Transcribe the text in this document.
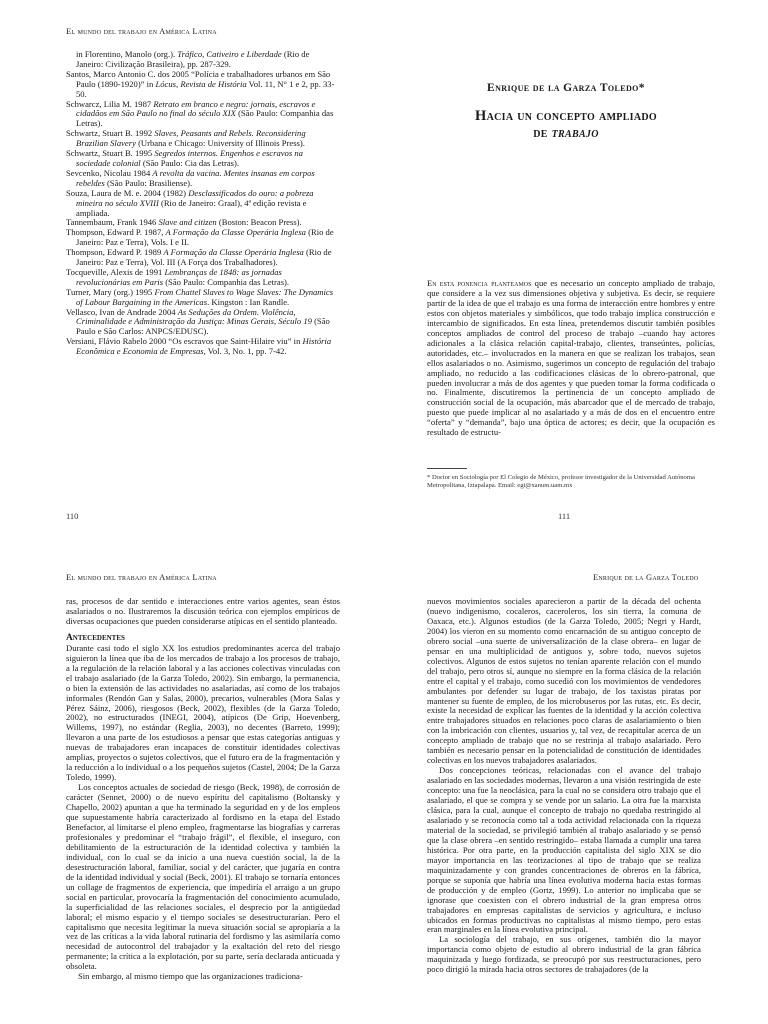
El mundo del trabajo en América Latina

in Florentino, Manolo (org.). Tráfico, Cativeiro e Liberdade (Rio de Janeiro: Civilização Brasileira), pp. 287-329.

Santos, Marco Antonio C. dos 2005 “Polícia e trabalhadores urbanos em São Paulo (1890-1920)” in Lócus, Revista de História Vol. 11, N° 1 e 2, pp. 33-50.

Schwarcz, Lilia M. 1987 Retrato em branco e negro: jornais, escravos e cidadãos em São Paulo no final do século XIX (São Paulo: Companhia das Letras).

Schwartz, Stuart B. 1992 Slaves, Peasants and Rebels. Reconsidering Brazilian Slavery (Urbana e Chicago: University of Illinois Press).

Schwartz, Stuart B. 1995 Segredos internos. Engenhos e escravos na sociedade colonial (São Paulo: Cia das Letras).

Sevcenko, Nicolau 1984 A revolta da vacina. Mentes insanas em corpos rebeldes (São Paulo: Brasiliense).

Souza, Laura de M. e. 2004 (1982) Desclassificados do ouro: a pobreza mineira no século XVIII (Rio de Janeiro: Graal), 4ª edição revista e ampliada.

Tannembaum, Frank 1946 Slave and citizen (Boston: Beacon Press).

Thompson, Edward P. 1987, A Formação da Classe Operária Inglesa (Rio de Janeiro: Paz e Terra), Vols. I e II.

Thompson, Edward P. 1989 A Formação da Classe Operária Inglesa (Rio de Janeiro: Paz e Terra), Vol. III (A Força dos Trabalhadores).

Tocqueville, Alexis de 1991 Lembranças de 1848: as jornadas revolucionárias em Paris (São Paulo: Companhia das Letras).

Turner, Mary (org.) 1995 From Chattel Slaves to Wage Slaves: The Dynamics of Labour Bargaining in the Americas. Kingston : Ian Randle.

Vellasco, Ivan de Andrade 2004 As Seduções da Ordem. Violência, Criminalidade e Administração da Justiça: Minas Gerais, Século 19 (São Paulo e São Carlos: ANPCS/EDUSC).

Versiani, Flávio Rabelo 2000 “Os escravos que Saint-Hilaire viu” in História Econômica e Economia de Empresas, Vol. 3, No. 1, pp. 7-42.

110
Enrique de la Garza Toledo*
Hacia un concepto ampliado
de trabajo

En esta ponencia planteamos que es necesario un concepto ampliado de trabajo, que considere a la vez sus dimensiones objetiva y subjetiva. Es decir, se requiere partir de la idea de que el trabajo es una forma de interacción entre hombres y entre estos con objetos materiales y simbólicos, que todo trabajo implica construcción e intercambio de significados. En esta línea, pretendemos discutir también posibles conceptos ampliados de control del proceso de trabajo –cuando hay actores adicionales a la clásica relación capital-trabajo, clientes, transeúntes, policías, autoridades, etc.– involucrados en la manera en que se realizan los trabajos, sean ellos asalariados o no. Asimismo, sugerimos un concepto de regulación del trabajo ampliado, no reducido a las codificaciones clásicas de lo obrero-patronal, que pueden involucrar a más de dos agentes y que pueden tomar la forma codificada o no. Finalmente, discutiremos la pertinencia de un concepto ampliado de construcción social de la ocupación, más abarcador que el de mercado de trabajo, puesto que puede implicar al no asalariado y a más de dos en el encuentro entre “oferta” y “demanda”, bajo una óptica de actores; es decir, que la ocupación es resultado de estructu-

* Doctor en Sociología por El Colegio de México, profesor investigador de la Universidad Autónoma Metropolitana, Iztapalapa. Email: egt@xanum.uam.mx
111
El mundo del trabajo en América Latina

ras, procesos de dar sentido e interacciones entre varios agentes, sean éstos asalariados o no. Ilustraremos la discusión teórica con ejemplos empíricos de diversas ocupaciones que pueden considerarse atípicas en el sentido planteado.

Antecedentes

Durante casi todo el siglo XX los estudios predominantes acerca del trabajo siguieron la línea que iba de los mercados de trabajo a los procesos de trabajo, a la regulación de la relación laboral y a las acciones colectivas vinculadas con el trabajo asalariado (de la Garza Toledo, 2002). Sin embargo, la permanencia, o bien la extensión de las actividades no asalariadas, así como de los trabajos informales (Rendón Gan y Salas, 2000), precarios, vulnerables (Mora Salas y Pérez Sáinz, 2006), riesgosos (Beck, 2002), flexibles (de la Garza Toledo, 2002), no estructurados (INEGI, 2004), atípicos (De Grip, Hoevenberg, Willems, 1997), no estándar (Reglia, 2003), no decentes (Barreto, 1999); llevaron a una parte de los estudiosos a pensar que estas categorías antiguas y nuevas de trabajadores eran incapaces de constituir identidades colectivas amplias, proyectos o sujetos colectivos, que el futuro era de la fragmentación y la reducción a lo individual o a los pequeños sujetos (Castel, 2004; De la Garza Toledo, 1999).

Los conceptos actuales de sociedad de riesgo (Beck, 1998), de corrosión de carácter (Sennet, 2000) o de nuevo espíritu del capitalismo (Boltansky y Chapello, 2002) apuntan a que ha terminado la seguridad en y de los empleos que supuestamente habría caracterizado al fordismo en la etapa del Estado Benefactor, al limitarse el pleno empleo, fragmentarse las biografías y carreras profesionales y predominar el “trabajo frágil”, el flexible, el inseguro, con debilitamiento de la estructuración de la identidad colectiva y también la individual, con lo cual se da inicio a una nueva cuestión social, la de la desestructuración laboral, familiar, social y del carácter, que jugaría en contra de la identidad individual y social (Beck, 2001). El trabajo se tornaría entonces un collage de fragmentos de experiencia, que impediría el arraigo a un grupo social en particular, provocaría la fragmentación del conocimiento acumulado, la superficialidad de las relaciones sociales, el desprecio por la antigüedad laboral; el mismo espacio y el tiempo sociales se desestructurarían. Pero el capitalismo que necesita legitimar la nueva situación social se apropiaría a la vez de las críticas a la vida laboral rutinaria del fordismo y las asimilaría como necesidad de autocontrol del trabajador y la exaltación del reto del riesgo permanente; la crítica a la explotación, por su parte, sería declarada anticuada y obsoleta.

Sin embargo, al mismo tiempo que las organizaciones tradiciona-

Enrique de la Garza Toledo

nuevos movimientos sociales aparecieron a partir de la década del ochenta (nuevo indigenismo, cocaleros, caceroleros, los sin tierra, la comuna de Oaxaca, etc.). Algunos estudios (de la Garza Toledo, 2005; Negri y Hardt, 2004) los vieron en su momento como encarnación de su antiguo concepto de obrero social –una suerte de universalización de la clase obrera– en lugar de pensar en una multiplicidad de antiguos y, sobre todo, nuevos sujetos colectivos. Algunos de estos sujetos no tenían aparente relación con el mundo del trabajo, pero otros sí, aunque no siempre en la forma clásica de la relación entre el capital y el trabajo, como sucedió con los movimientos de vendedores ambulantes por defender su lugar de trabajo, de los taxistas piratas por mantener su fuente de empleo, de los microbuseros por las rutas, etc. Es decir, existe la necesidad de explicar las fuentes de la identidad y la acción colectiva entre trabajadores situados en relaciones poco claras de asalariamiento o bien con la imbricación con clientes, usuarios y, tal vez, de recapitular acerca de un concepto ampliado de trabajo que no se restrinja al trabajo asalariado. Pero también es necesario pensar en la potencialidad de constitución de identidades colectivas en los nuevos trabajadores asalariados.

Dos concepciones teóricas, relacionadas con el avance del trabajo asalariado en las sociedades modernas, llevaron a una visión restringida de este concepto: una fue la neoclásica, para la cual no se considera otro trabajo que el asalariado, el que se compra y se vende por un salario. La otra fue la marxista clásica, para la cual, aunque el concepto de trabajo no quedaba restringido al asalariado y se reconocía como tal a toda actividad relacionada con la riqueza material de la sociedad, se privilegió también al trabajo asalariado y se pensó que la clase obrera –en sentido restringido– estaba llamada a cumplir una tarea histórica. Por otra parte, en la producción capitalista del siglo XIX se dio mayor importancia en las teorizaciones al tipo de trabajo que se realiza maquinizadamente y con grandes concentraciones de obreros en la fábrica, porque se suponía que habría una línea evolutiva moderna hacia estas formas de producción y de empleo (Gortz, 1999). Lo anterior no implicaba que se ignorase que coexisten con el obrero industrial de la gran empresa otros trabajadores en empresas capitalistas de servicios y agricultura, e incluso ubicados en formas productivas no capitalistas al mismo tiempo, pero estas eran marginales en la línea evolutiva principal.

La sociología del trabajo, en sus orígenes, también dio la mayor importancia como objeto de estudio al obrero industrial de la gran fábrica maquinizada y luego fordizada, se preocupó por sus reestructuraciones, pero poco dirigió la mirada hacia otros sectores de trabajadores (de la
